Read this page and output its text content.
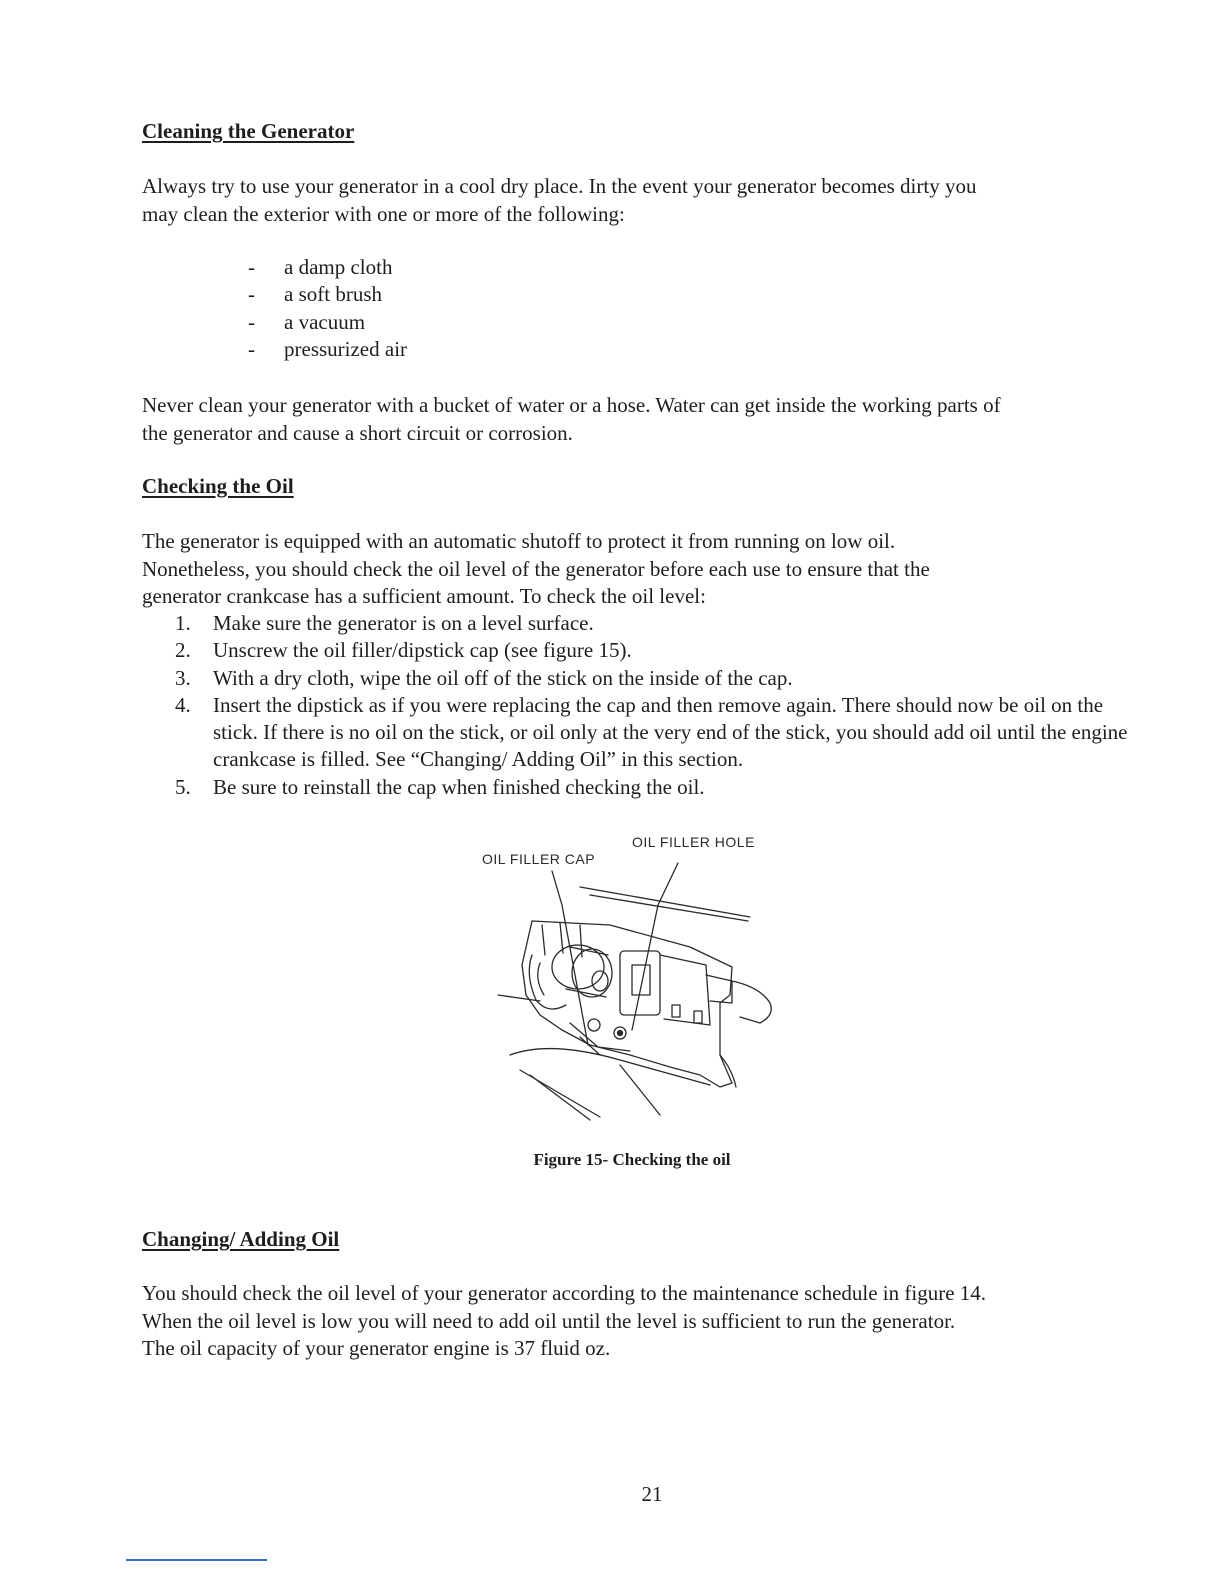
Cleaning the Generator

Always try to use your generator in a cool dry place. In the event your generator becomes dirty you
may clean the exterior with one or more of the following:

- a damp cloth
- a soft brush
- a vacuum
- pressurized air

Never clean your generator with a bucket of water or a hose. Water can get inside the working parts of
the generator and cause a short circuit or corrosion.

Checking the Oil

The generator is equipped with an automatic shutoff to protect it from running on low oil.
Nonetheless, you should check the oil level of the generator before each use to ensure that the
generator crankcase has a sufficient amount. To check the oil level:

1. Make sure the generator is on a level surface.
2. Unscrew the oil filler/dipstick cap (see figure 15).
3. With a dry cloth, wipe the oil off of the stick on the inside of the cap.
4. Insert the dipstick as if you were replacing the cap and then remove again. There should now be oil on the stick. If there is no oil on the stick, or oil only at the very end of the stick, you should add oil until the engine crankcase is filled. See “Changing/ Adding Oil” in this section.
5. Be sure to reinstall the cap when finished checking the oil.

OIL FILLER HOLE

OIL FILLER CAP

Figure 15- Checking the oil

Changing/ Adding Oil

You should check the oil level of your generator according to the maintenance schedule in figure 14.
When the oil level is low you will need to add oil until the level is sufficient to run the generator.
The oil capacity of your generator engine is 37 fluid oz.

21
